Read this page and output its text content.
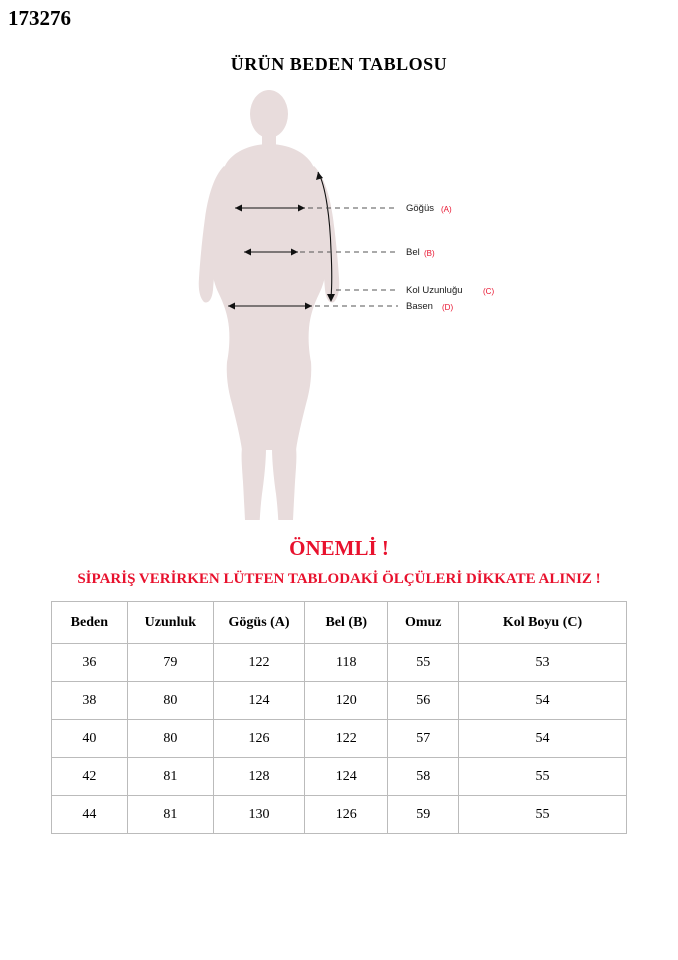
173276
ÜRÜN BEDEN TABLOSU
Göğüs (A)
Bel (B)
Kol Uzunluğu	(C)
Basen (D)
ÖNEMLİ !
SİPARİŞ VERİRKEN LÜTFEN TABLODAKİ ÖLÇÜLERİ DİKKATE ALINIZ !
Beden	Uzunluk	Gögüs (A)	Bel (B)	Omuz	Kol Boyu (C)
36	79	122	118	55	53
38	80	124	120	56	54
40	80	126	122	57	54
42	81	128	124	58	55
44	81	130	126	59	55
